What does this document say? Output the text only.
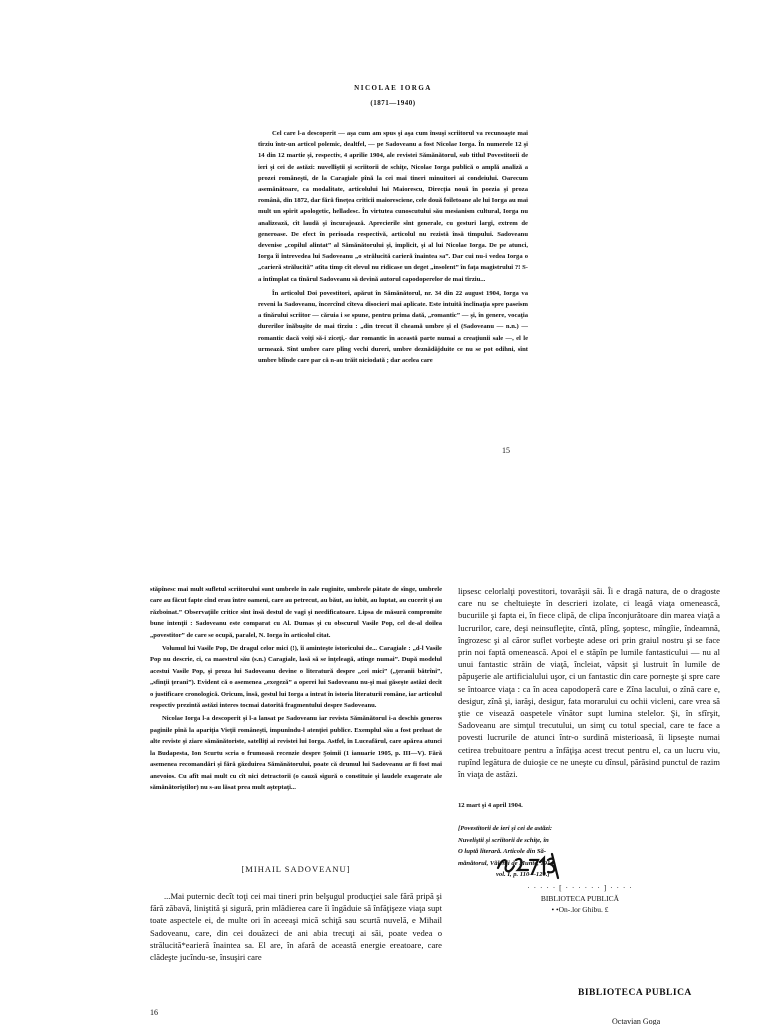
NICOLAE IORGA
(1871—1940)

Cel care l-a descoperit — aşa cum am spus şi aşa cum însuşi scriitorul va recunoaşte mai tîrziu într-un articol polemic, dealtfel, — pe Sadoveanu a fost Nicolae Iorga. În numerele 12 şi 14 din 12 martie şi, respectiv, 4 aprilie 1904, ale revistei Sămănătorul, sub titlul Povestitorii de ieri şi cei de astăzi: nuvelliştii şi scriitorii de schiţe, Nicolae Iorga publică o amplă analiză a prozei româneşti, de la Caragiale pînă la cei mai tineri minuitori ai condeiului. Oarecum asemănătoare, ca modalitate, articolului lui Maiorescu, Direcţia nouă în poezia şi proza română, din 1872, dar fără fineţea criticii maioresciene, cele două foiletoane ale lui Iorga au mai mult un spirit apologetic, helladesc. În virtutea cunoscutului său mesianism cultural, Iorga nu analizează, cît laudă şi încurajează. Aprecierile sînt generale, cu gesturi largi, extrem de generoase. De efect în perioada respectivă, articolul nu rezistă însă timpului. Sadoveanu devenise „copilul alintat” al Sămănătorului şi, implicit, şi al lui Nicolae Iorga. De pe atunci, Iorga îi întrevedea lui Sadoveanu „o strălucită carieră înaintea sa”. Dar cui nu-i vedea Iorga o „carieră strălucită” atîta timp cît elevul nu ridicase un deget „insolent” în faţa magistrului ?! S-a întîmplat ca tînărul Sadoveanu să devină autorul capodoperelor de mai tîrziu...

În articolul Doi povestitori, apărut în Sămănătorul, nr. 34 din 22 august 1904, Iorga va reveni la Sadoveanu, încercînd cîteva disocieri mai aplicate. Este intuită înclinaţia spre paseism a tînărului scriitor — căruia i se spune, pentru prima dată, „romantic” — şi, în genere, vocaţia durerilor înăbuşite de mai tîrziu : „din trecut îl cheamă umbre şi el (Sadoveanu — n.n.) — romantic dacă voiţi să-i ziceţi,- dar romantic în această parte numai a creaţiunii sale —, el le urmează. Sînt umbre care plîng vechi dureri, umbre deznădăjduite ce nu se pot odihni, sînt umbre blînde care par că n-au trăit niciodată ; dar acelea care

15

stăpînesc mai mult sufletul scriitorului sunt umbrele în zale ruginite, umbrele pătate de sînge, umbrele care au făcut fapte cînd erau între oameni, care au petrecut, au băut, au iubit, au luptat, au cucerit şi au războinat.” Observaţiile critice sînt însă destul de vagi şi needificatoare. Lipsa de măsură compromite bune intenţii : Sadoveanu este comparat cu Al. Dumas şi cu obscurul Vasile Pop, cel de-al doilea „povestitor” de care se ocupă, paralel, N. Iorga în articolul citat.

Volumul lui Vasile Pop, De dragul celor mici (!), îi aminteşte istoricului de... Caragiale : „d-l Vasile Pop nu descrie, ci, ca maestrul său (s.n.) Caragiale, lasă să se înţeleagă, atinge numai”. După modelul acestui Vasile Pop, şi proza lui Sadoveanu devine o literatură despre „cei mici” („ţeranii bătrîni”, „sfinţii ţerani”). Evident că o asemenea „exegeză” a operei lui Sadoveanu nu-şi mai găseşte astăzi decît o justificare cronologică. Oricum, însă, gestul lui Iorga a intrat în istoria literaturii române, iar articolul respectiv prezintă astăzi interes tocmai datorită fragmentului despre Sadoveanu.

Nicolae Iorga l-a descoperit şi l-a lansat pe Sadoveanu iar revista Sămănătorul i-a deschis generos paginile pînă la apariţia Vieţii româneşti, impunîndu-l atenţiei publice. Exemplul său a fost preluat de alte reviste şi ziare sămănătoriste, satelliţi ai revistei lui Iorga. Astfel, în Luceafărul, care apărea atunci la Budapesta, Ion Scurtu scria o frumoasă recenzie despre Şoimii (1 ianuarie 1905, p. III—V). Fără asemenea recomandări şi fără găzduirea Sămănătorului, poate că drumul lui Sadoveanu ar fi fost mai anevoios. Cu afît mai mult cu cît nici detractorii (o cauză sigură o constituie şi laudele exagerate ale sămănătoriştilor) nu s-au lăsat prea mult aşteptaţi...

[MIHAIL SADOVEANU]

...Mai puternic decît toţi cei mai tineri prin belşugul producţiei sale fără pripă şi fără zăbavă, liniştită şi sigură, prin mlădierea care îi îngăduie să înfăţişeze viaţa supt toate aspectele ei, de multe ori în aceeaşi mică schiţă sau scurtă nuvelă, e Mihail Sadoveanu, care, din cei douăzeci de ani abia trecuţi ai săi, poate vedea o strălucită*earieră înaintea sa. El are, în afară de această energie ereatoare, care clădeşte jucîndu-se, însuşiri care

16

lipsesc celorlalţi povestitori, tovarăşii săi. Îi e dragă natura, de o dragoste care nu se cheltuieşte în descrieri izolate, ci leagă viaţa omenească, bucuriile şi fapta ei, în fiece clipă, de clipa înconjurătoare din marea viaţă a lucrurilor, care, deşi neinsufleţite, cîntă, plîng, şoptesc, mîngîie, îndeamnă, îngrozesc şi al căror suflet vorbeşte adese ori prin graiul nostru şi se face prin noi faptă omenească. Apoi el e stăpîn pe lumile fantasticului — nu al unui fantastic străin de viaţă, încleiat, văpsit şi lustruit în lumile de păpuşerie ale artificialului uşor, ci un fantastic din care porneşte şi spre care se întoarce viaţa : ca în acea capodoperă care e Zîna lacului, o zînă care e, desigur, zînă şi, iarăşi, desigur, fata morarului cu ochii vicleni, care vrea să ştie ce visează oaspetele vînător supt lumina stelelor. Şi, în sfîrşit, Sadoveanu are simţul trecutului, un simţ cu totul special, care te face a povesti lucrurile de atunci într-o surdină misterioasă, îi lipseşte numai cetirea trebuitoare pentru a înfăţişa acest trecut pentru el, ca un lucru viu, rupînd legătura de duioşie ce ne uneşte cu dînsul, părăsind punctul de razim în viaţa de astăzi.

12 mart şi 4 april 1904.
[Povestitorii de ieri şi cei de astăzi:
Nuveliştii şi scriitorii de schiţe, în
O luptă literară. Articole din Să-
mănătorul, Vălenii de Munte, 1914,
vol. I, p. 110—120.]
· · · · · [ · · · · · · ] · · · ·
BIBLIOTECA PUBLICĂ
• •On-.lor Ghibu. £
BIBLIOTECA PUBLICA
Octavian Goga
